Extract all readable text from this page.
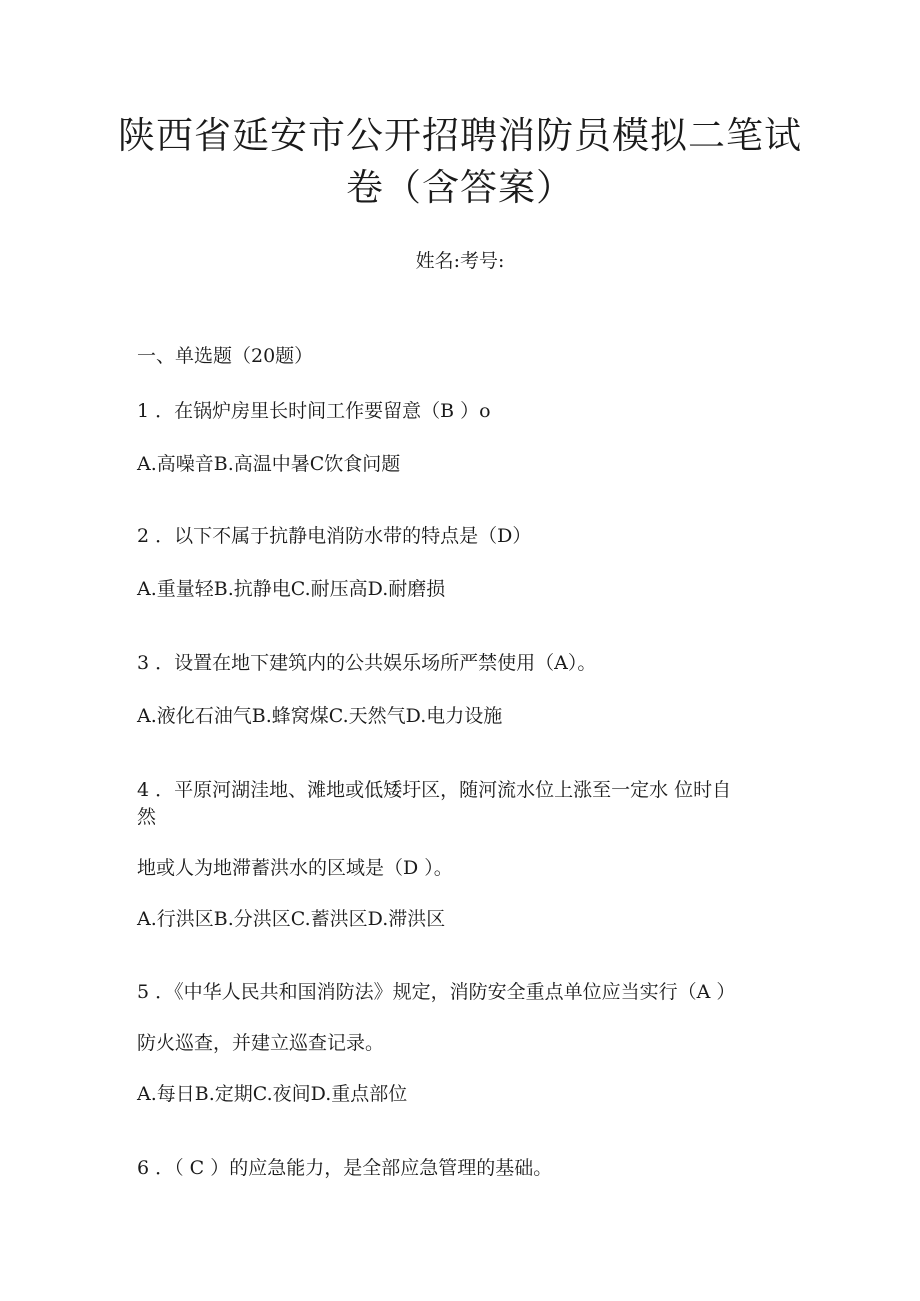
陕西省延安市公开招聘消防员模拟二笔试
卷（含答案）
姓名:考号:
一、单选题（20题）
1 ．在锅炉房里长时间工作要留意（B ）o
A.高噪音B.高温中暑C饮食问题
2 ．以下不属于抗静电消防水带的特点是（D）
A.重量轻B.抗静电C.耐压高D.耐磨损
3 ．设置在地下建筑内的公共娱乐场所严禁使用（A）。
A.液化石油气B.蜂窝煤C.天然气D.电力设施
4 ．平原河湖洼地、滩地或低矮圩区，随河流水位上涨至一定水 位时自
然
地或人为地滞蓄洪水的区域是（D ）。
A.行洪区B.分洪区C.蓄洪区D.滞洪区
5 ．《中华人民共和国消防法》规定，消防安全重点单位应当实行（A ）
防火巡查，并建立巡查记录。
A.每日B.定期C.夜间D.重点部位
6 ．（ C ）的应急能力，是全部应急管理的基础。
